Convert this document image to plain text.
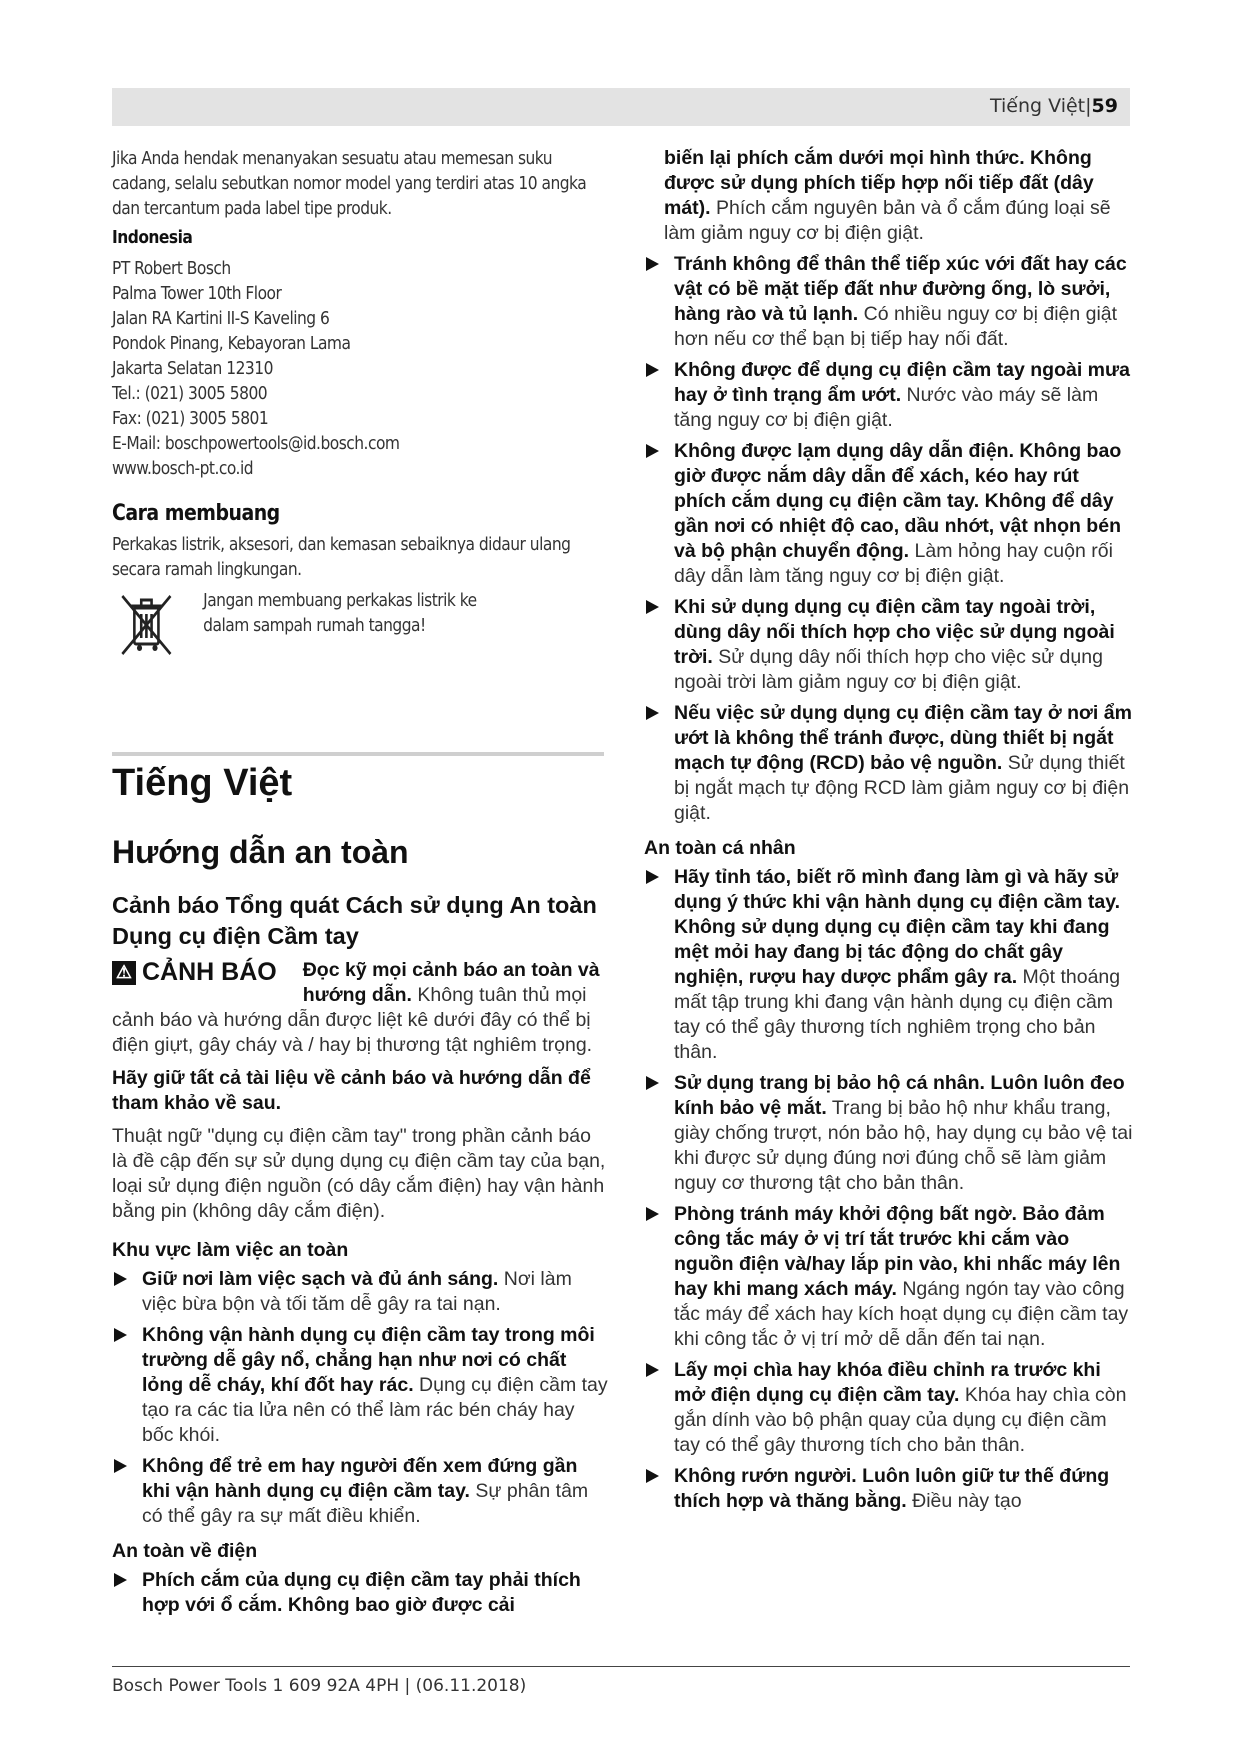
Tiếng Việt|59

Jika Anda hendak menanyakan sesuatu atau memesan suku cadang, selalu sebutkan nomor model yang terdiri atas 10 angka dan tercantum pada label tipe produk.

Indonesia

PT Robert Bosch
Palma Tower 10th Floor
Jalan RA Kartini II-S Kaveling 6
Pondok Pinang, Kebayoran Lama
Jakarta Selatan 12310
Tel.: (021) 3005 5800
Fax: (021) 3005 5801
E-Mail: boschpowertools@id.bosch.com
www.bosch-pt.co.id

Cara membuang

Perkakas listrik, aksesori, dan kemasan sebaiknya didaur ulang secara ramah lingkungan.

Jangan membuang perkakas listrik ke dalam sampah rumah tangga!

Tiếng Việt
Hướng dẫn an toàn
Cảnh báo Tổng quát Cách sử dụng An toàn Dụng cụ điện Cầm tay
⚠ CẢNH BÁO Đọc kỹ mọi cảnh báo an toàn và hướng dẫn. Không tuân thủ mọi cảnh báo và hướng dẫn được liệt kê dưới đây có thể bị điện giựt, gây cháy và / hay bị thương tật nghiêm trọng.

Hãy giữ tất cả tài liệu về cảnh báo và hướng dẫn để tham khảo về sau.

Thuật ngữ "dụng cụ điện cầm tay" trong phần cảnh báo là đề cập đến sự sử dụng dụng cụ điện cầm tay của bạn, loại sử dụng điện nguồn (có dây cắm điện) hay vận hành bằng pin (không dây cắm điện).

Khu vực làm việc an toàn

Giữ nơi làm việc sạch và đủ ánh sáng. Nơi làm việc bừa bộn và tối tăm dễ gây ra tai nạn.
Không vận hành dụng cụ điện cầm tay trong môi trường dễ gây nổ, chẳng hạn như nơi có chất lỏng dễ cháy, khí đốt hay rác. Dụng cụ điện cầm tay tạo ra các tia lửa nên có thể làm rác bén cháy hay bốc khói.
Không để trẻ em hay người đến xem đứng gần khi vận hành dụng cụ điện cầm tay. Sự phân tâm có thể gây ra sự mất điều khiển.

An toàn về điện

Phích cắm của dụng cụ điện cầm tay phải thích hợp với ổ cắm. Không bao giờ được cải
biến lại phích cắm dưới mọi hình thức. Không được sử dụng phích tiếp hợp nối tiếp đất (dây mát). Phích cắm nguyên bản và ổ cắm đúng loại sẽ làm giảm nguy cơ bị điện giật.
Tránh không để thân thể tiếp xúc với đất hay các vật có bề mặt tiếp đất như đường ống, lò sưởi, hàng rào và tủ lạnh. Có nhiều nguy cơ bị điện giật hơn nếu cơ thể bạn bị tiếp hay nối đất.
Không được để dụng cụ điện cầm tay ngoài mưa hay ở tình trạng ẩm ướt. Nước vào máy sẽ làm tăng nguy cơ bị điện giật.
Không được lạm dụng dây dẫn điện. Không bao giờ được nắm dây dẫn để xách, kéo hay rút phích cắm dụng cụ điện cầm tay. Không để dây gần nơi có nhiệt độ cao, dầu nhớt, vật nhọn bén và bộ phận chuyển động. Làm hỏng hay cuộn rối dây dẫn làm tăng nguy cơ bị điện giật.
Khi sử dụng dụng cụ điện cầm tay ngoài trời, dùng dây nối thích hợp cho việc sử dụng ngoài trời. Sử dụng dây nối thích hợp cho việc sử dụng ngoài trời làm giảm nguy cơ bị điện giật.
Nếu việc sử dụng dụng cụ điện cầm tay ở nơi ẩm ướt là không thể tránh được, dùng thiết bị ngắt mạch tự động (RCD) bảo vệ nguồn. Sử dụng thiết bị ngắt mạch tự động RCD làm giảm nguy cơ bị điện giật.

An toàn cá nhân

Hãy tỉnh táo, biết rõ mình đang làm gì và hãy sử dụng ý thức khi vận hành dụng cụ điện cầm tay. Không sử dụng dụng cụ điện cầm tay khi đang mệt mỏi hay đang bị tác động do chất gây nghiện, rượu hay dược phẩm gây ra. Một thoáng mất tập trung khi đang vận hành dụng cụ điện cầm tay có thể gây thương tích nghiêm trọng cho bản thân.
Sử dụng trang bị bảo hộ cá nhân. Luôn luôn đeo kính bảo vệ mắt. Trang bị bảo hộ như khẩu trang, giày chống trượt, nón bảo hộ, hay dụng cụ bảo vệ tai khi được sử dụng đúng nơi đúng chỗ sẽ làm giảm nguy cơ thương tật cho bản thân.
Phòng tránh máy khởi động bất ngờ. Bảo đảm công tắc máy ở vị trí tắt trước khi cắm vào nguồn điện và/hay lắp pin vào, khi nhấc máy lên hay khi mang xách máy. Ngáng ngón tay vào công tắc máy để xách hay kích hoạt dụng cụ điện cầm tay khi công tắc ở vị trí mở dễ dẫn đến tai nạn.
Lấy mọi chìa hay khóa điều chỉnh ra trước khi mở điện dụng cụ điện cầm tay. Khóa hay chìa còn gắn dính vào bộ phận quay của dụng cụ điện cầm tay có thể gây thương tích cho bản thân.
Không rướn người. Luôn luôn giữ tư thế đứng thích hợp và thăng bằng. Điều này tạo
Bosch Power Tools 1 609 92A 4PH | (06.11.2018)
